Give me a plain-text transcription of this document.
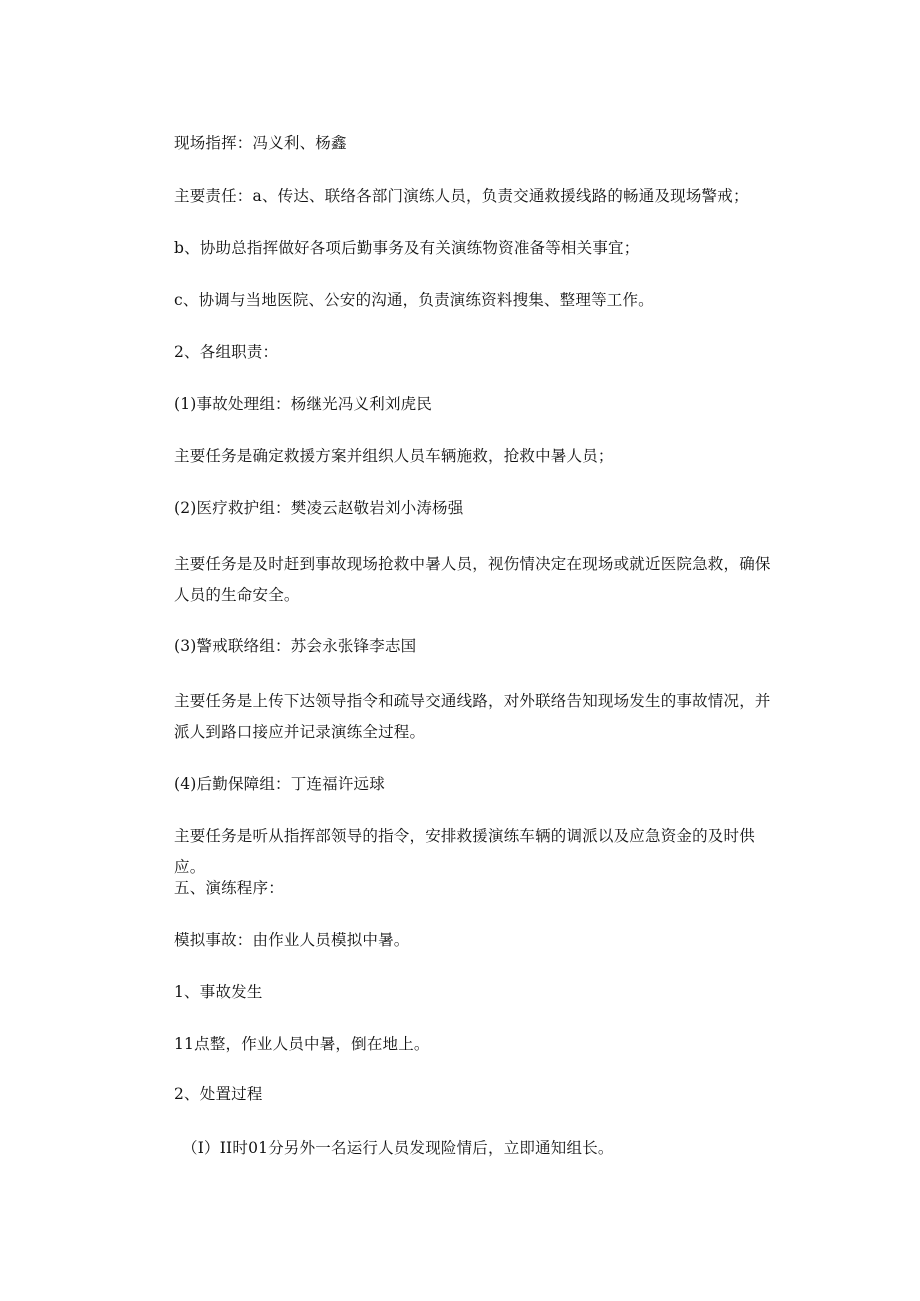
现场指挥：冯义利、杨鑫

主要责任：a、传达、联络各部门演练人员，负责交通救援线路的畅通及现场警戒；

b、协助总指挥做好各项后勤事务及有关演练物资准备等相关事宜；

c、协调与当地医院、公安的沟通，负责演练资料搜集、整理等工作。

2、各组职责：

(1)事故处理组：杨继光冯义利刘虎民

主要任务是确定救援方案并组织人员车辆施救，抢救中暑人员；

(2)医疗救护组：樊凌云赵敬岩刘小涛杨强

主要任务是及时赶到事故现场抢救中暑人员，视伤情决定在现场或就近医院急救，确保人员的生命安全。

(3)警戒联络组：苏会永张锋李志国

主要任务是上传下达领导指令和疏导交通线路，对外联络告知现场发生的事故情况，并派人到路口接应并记录演练全过程。

(4)后勤保障组：丁连福许远球

主要任务是听从指挥部领导的指令，安排救援演练车辆的调派以及应急资金的及时供应。

五、演练程序：

模拟事故：由作业人员模拟中暑。

1、事故发生

11点整，作业人员中暑，倒在地上。

2、处置过程

（I）II时01分另外一名运行人员发现险情后，立即通知组长。
